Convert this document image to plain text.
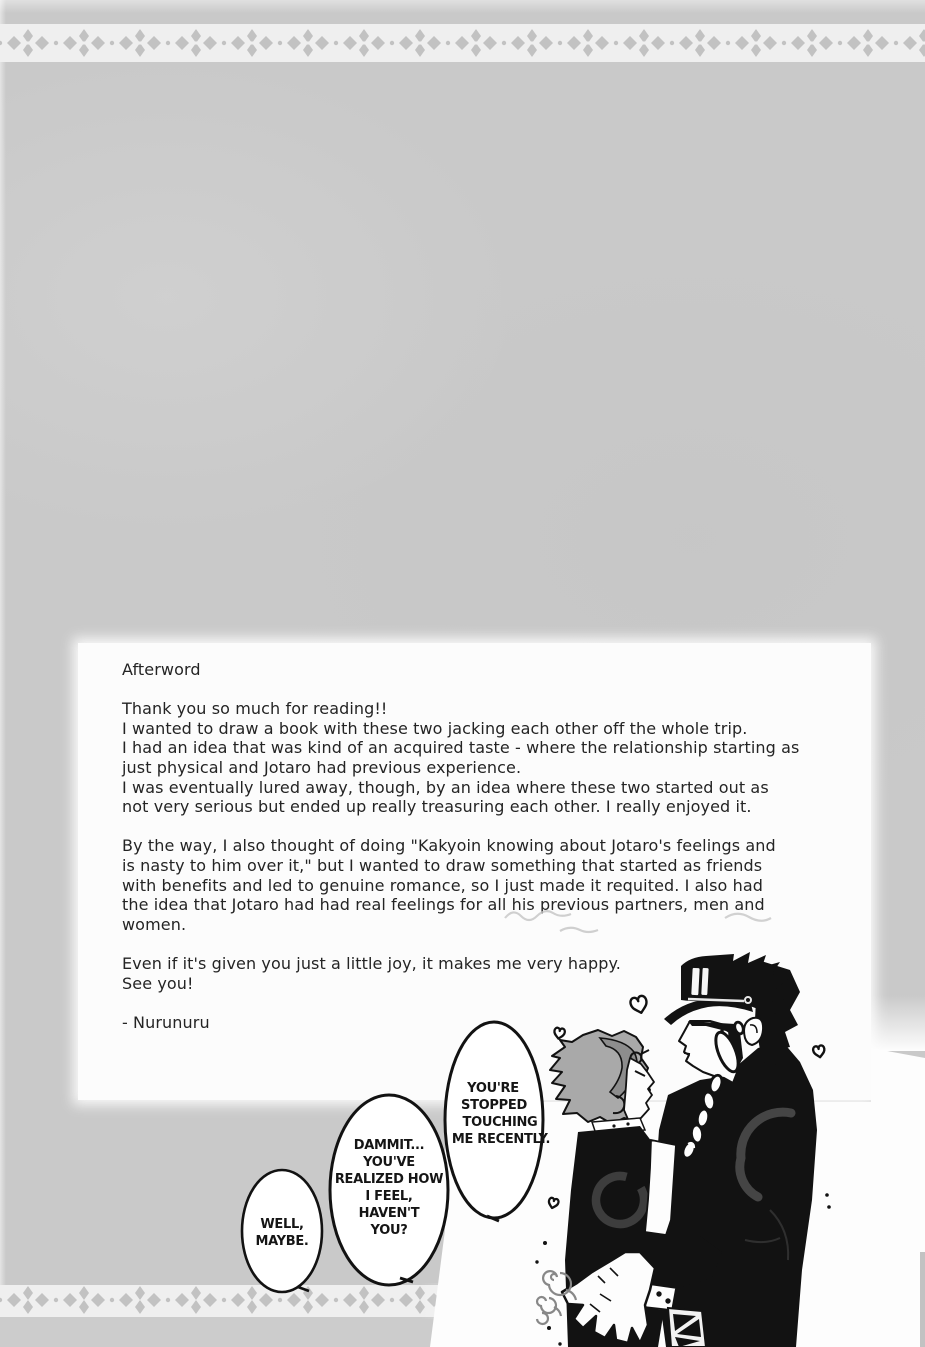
Afterword
Thank you so much for reading!!
I wanted to draw a book with these two jacking each other off the whole trip.
I had an idea that was kind of an acquired taste - where the relationship starting as
just physical and Jotaro had previous experience.
I was eventually lured away, though, by an idea where these two started out as
not very serious but ended up really treasuring each other. I really enjoyed it.
By the way, I also thought of doing "Kakyoin knowing about Jotaro's feelings and
is nasty to him over it," but I wanted to draw something that started as friends
with benefits and led to genuine romance, so I just made it requited. I also had
the idea that Jotaro had had real feelings for all his previous partners, men and
women.
Even if it's given you just a little joy, it makes me very happy.
See you!
- Nurunuru
YOU'RE
STOPPED
TOUCHING
ME RECENTLY.
DAMMIT...
YOU'VE
REALIZED HOW
I FEEL,
HAVEN'T
YOU?
WELL,
MAYBE.
